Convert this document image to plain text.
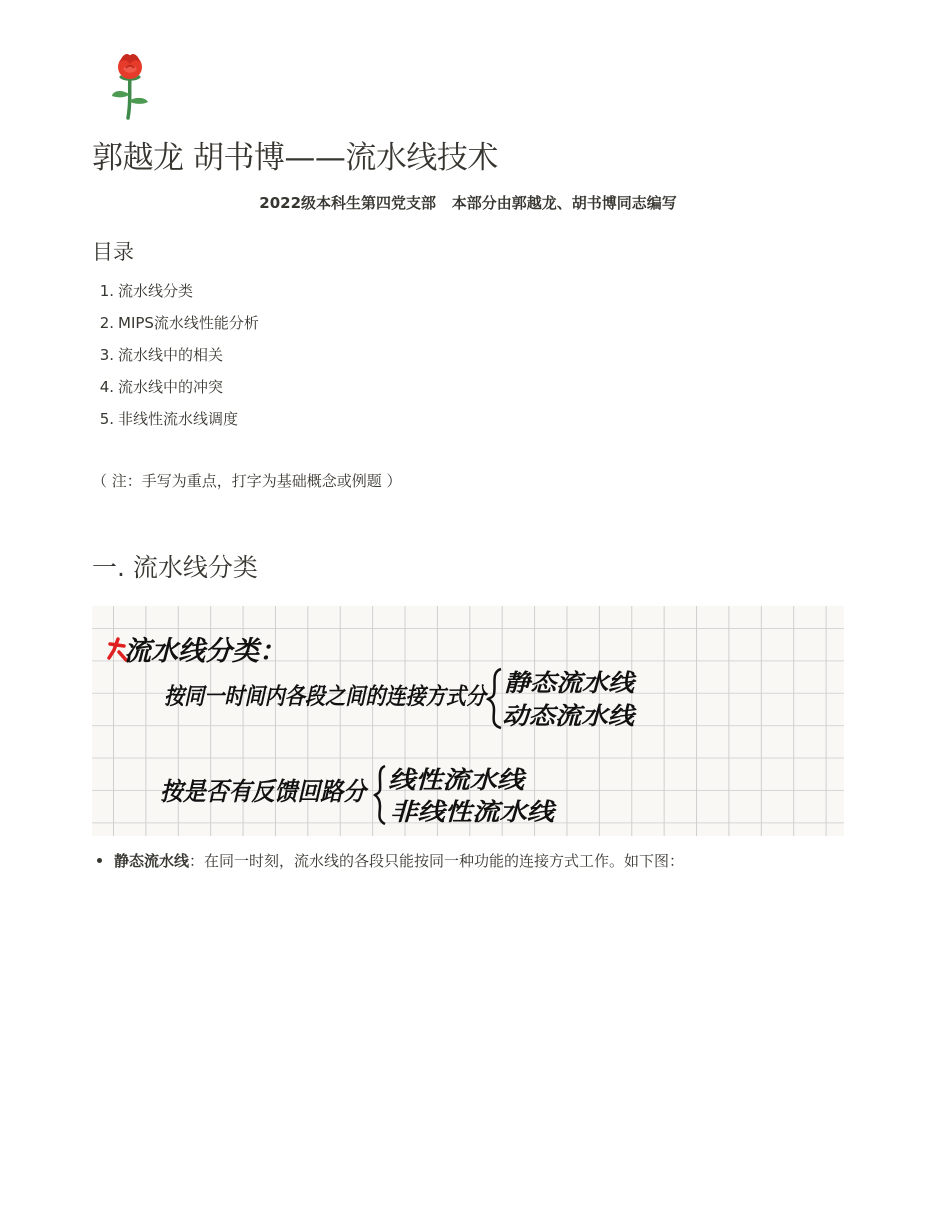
郭越龙 胡书博——流水线技术
2022级本科生第四党支部   本部分由郭越龙、胡书博同志编写
目录
1. 流水线分类
2. MIPS流水线性能分析
3. 流水线中的相关
4. 流水线中的冲突
5. 非线性流水线调度
（ 注：手写为重点，打字为基础概念或例题 ）
一. 流水线分类
流水线分类：
按同一时间内各段之间的连接方式分 静态流水线
动态流水线
按是否有反馈回路分 线性流水线
非线性流水线
静态流水线：在同一时刻，流水线的各段只能按同一种功能的连接方式工作。如下图：
